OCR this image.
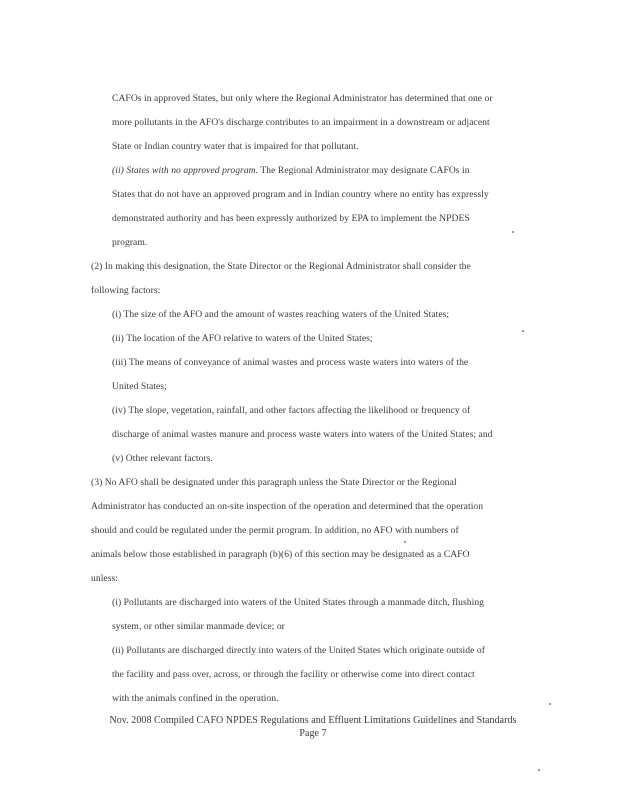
CAFOs in approved States, but only where the Regional Administrator has determined that one or
more pollutants in the AFO's discharge contributes to an impairment in a downstream or adjacent
State or Indian country water that is impaired for that pollutant.
(ii) States with no approved program. The Regional Administrator may designate CAFOs in
States that do not have an approved program and in Indian country where no entity has expressly
demonstrated authority and has been expressly authorized by EPA to implement the NPDES
program.
(2) In making this designation, the State Director or the Regional Administrator shall consider the
following factors:
(i) The size of the AFO and the amount of wastes reaching waters of the United States;
(ii) The location of the AFO relative to waters of the United States;
(iii) The means of conveyance of animal wastes and process waste waters into waters of the
United States;
(iv) The slope, vegetation, rainfall, and other factors affecting the likelihood or frequency of
discharge of animal wastes manure and process waste waters into waters of the United States; and
(v) Other relevant factors.
(3) No AFO shall be designated under this paragraph unless the State Director or the Regional
Administrator has conducted an on-site inspection of the operation and determined that the operation
should and could be regulated under the permit program. In addition, no AFO with numbers of
animals below those established in paragraph (b)(6) of this section may be designated as a CAFO
unless:
(i) Pollutants are discharged into waters of the United States through a manmade ditch, flushing
system, or other similar manmade device; or
(ii) Pollutants are discharged directly into waters of the United States which originate outside of
the facility and pass over, across, or through the facility or otherwise come into direct contact
with the animals confined in the operation.
Nov. 2008 Compiled CAFO NPDES Regulations and Effluent Limitations Guidelines and Standards
Page 7
